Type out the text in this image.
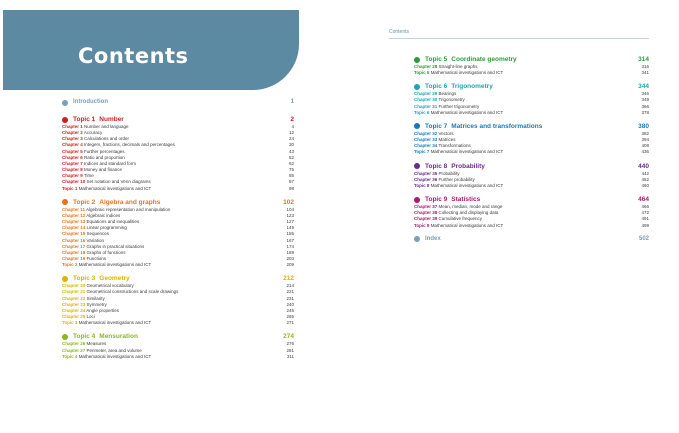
Contents
Contents
Introduction	1
Topic 1 Number	2
Chapter 1 Number and language	4
Chapter 2 Accuracy	12
Chapter 3 Calculations and order	24
Chapter 4 Integers, fractions, decimals and percentages	30
Chapter 5 Further percentages	43
Chapter 6 Ratio and proportion	52
Chapter 7 Indices and standard form	62
Chapter 8 Money and finance	75
Chapter 9 Time	85
Chapter 10 Set notation and Venn diagrams	87
Topic 1 Mathematical investigations and ICT	98
Topic 2 Algebra and graphs	102
Chapter 11 Algebraic representation and manipulation	104
Chapter 12 Algebraic indices	123
Chapter 13 Equations and inequalities	127
Chapter 14 Linear programming	149
Chapter 15 Sequences	155
Chapter 16 Variation	167
Chapter 17 Graphs in practical situations	174
Chapter 18 Graphs of functions	189
Chapter 19 Functions	203
Topic 2 Mathematical investigations and ICT	209
Topic 3 Geometry	212
Chapter 20 Geometrical vocabulary	214
Chapter 21 Geometrical constructions and scale drawings	221
Chapter 22 Similarity	231
Chapter 23 Symmetry	240
Chapter 24 Angle properties	245
Chapter 25 Loci	265
Topic 3 Mathematical investigations and ICT	271
Topic 4 Mensuration	274
Chapter 26 Measures	276
Chapter 27 Perimeter, area and volume	281
Topic 4 Mathematical investigations and ICT	311
Topic 5 Coordinate geometry	314
Chapter 28 Straight-line graphs	316
Topic 5 Mathematical investigations and ICT	341
Topic 6 Trigonometry	344
Chapter 29 Bearings	346
Chapter 30 Trigonometry	349
Chapter 31 Further trigonometry	366
Topic 6 Mathematical investigations and ICT	378
Topic 7 Matrices and transformations	380
Chapter 32 Vectors	382
Chapter 33 Matrices	394
Chapter 34 Transformations	408
Topic 7 Mathematical investigations and ICT	436
Topic 8 Probability	440
Chapter 35 Probability	442
Chapter 36 Further probability	452
Topic 8 Mathematical investigations and ICT	460
Topic 9 Statistics	464
Chapter 37 Mean, median, mode and range	466
Chapter 38 Collecting and displaying data	472
Chapter 39 Cumulative frequency	491
Topic 9 Mathematical investigations and ICT	499
Index	502
